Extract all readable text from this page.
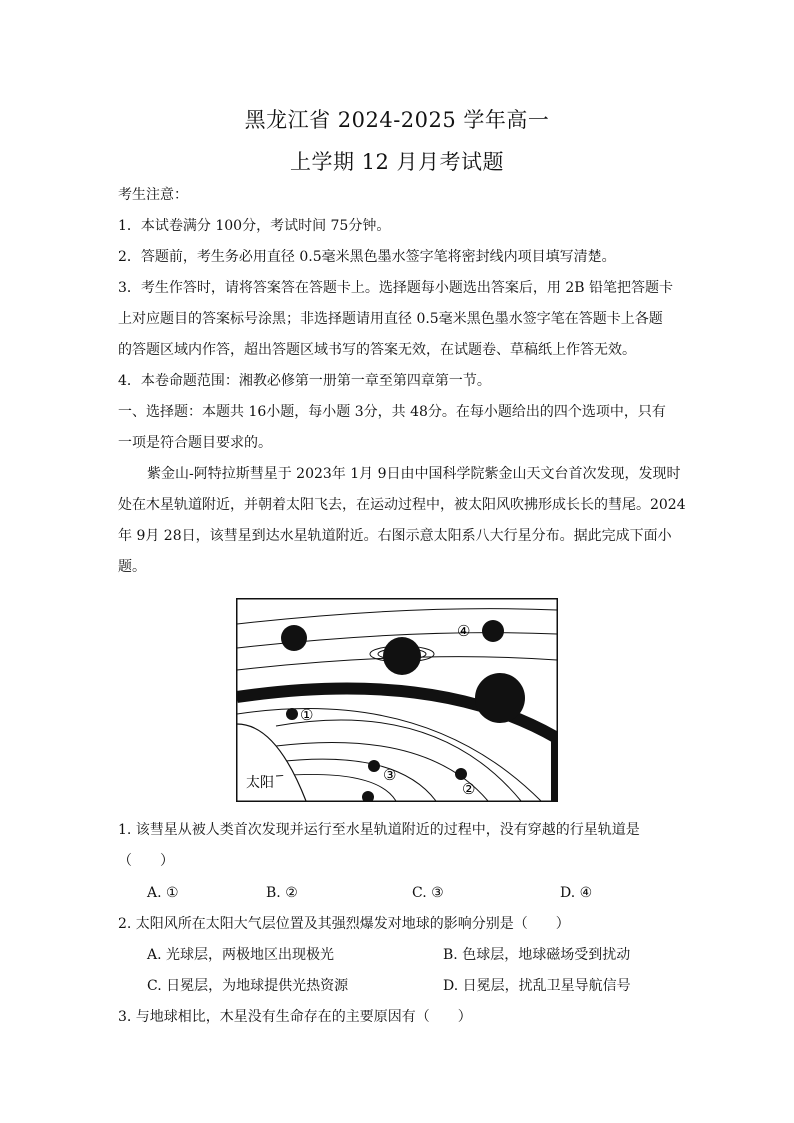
黑龙江省 2024-2025 学年高一
上学期 12 月月考试题
考生注意：
1．本试卷满分 100分，考试时间 75分钟。
2．答题前，考生务必用直径 0.5毫米黑色墨水签字笔将密封线内项目填写清楚。
3．考生作答时，请将答案答在答题卡上。选择题每小题选出答案后，用 2B 铅笔把答题卡
上对应题目的答案标号涂黑；非选择题请用直径 0.5毫米黑色墨水签字笔在答题卡上各题
的答题区域内作答，超出答题区域书写的答案无效，在试题卷、草稿纸上作答无效。
4．本卷命题范围：湘教必修第一册第一章至第四章第一节。
一、选择题：本题共 16小题，每小题 3分，共 48分。在每小题给出的四个选项中，只有
一项是符合题目要求的。
紫金山-阿特拉斯彗星于 2023年 1月 9日由中国科学院紫金山天文台首次发现，发现时
处在木星轨道附近，并朝着太阳飞去，在运动过程中，被太阳风吹拂形成长长的彗尾。2024
年 9月 28日，该彗星到达水星轨道附近。右图示意太阳系八大行星分布。据此完成下面小
题。
④
①
③
②
太阳
1. 该彗星从被人类首次发现并运行至水星轨道附近的过程中，没有穿越的行星轨道是
（　　）
A. ①	B. ②	C. ③	D. ④
2. 太阳风所在太阳大气层位置及其强烈爆发对地球的影响分别是（　　）
A. 光球层，两极地区出现极光	B. 色球层，地球磁场受到扰动
C. 日冕层，为地球提供光热资源	D. 日冕层，扰乱卫星导航信号
3. 与地球相比，木星没有生命存在的主要原因有（　　）
